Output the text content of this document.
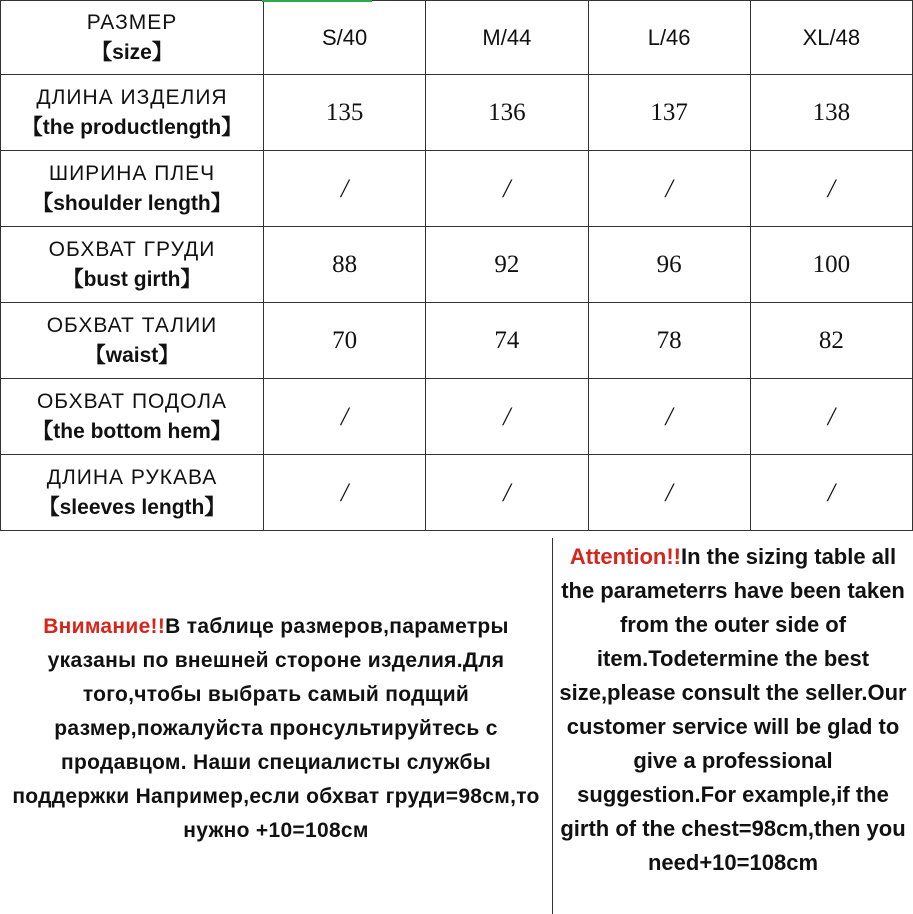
РАЗМЕР
【size】	S/40	M/44	L/46	XL/48

ДЛИНА ИЗДЕЛИЯ
【the productlength】	135	136	137	138

ШИРИНА ПЛЕЧ
【shoulder length】	/	/	/	/

ОБХВАТ ГРУДИ
【bust girth】	88	92	96	100

ОБХВАТ ТАЛИИ
【waist】	70	74	78	82

ОБХВАТ ПОДОЛА
【the bottom hem】	/	/	/	/

ДЛИНА РУКАВА
【sleeves length】	/	/	/	/

Внимание!!В таблице размеров,параметры указаны по внешней стороне изделия.Для того,чтобы выбрать самый подщий размер,пожалуйста пронсультируйтесь с продавцом. Наши специалисты службы поддержки Например,если обхват груди=98см,то нужно +10=108см

Attention!!In the sizing table all the parameterrs have been taken from the outer side of item.Todetermine the best size,please consult the seller.Our customer service will be glad to give a professional suggestion.For example,if the girth of the chest=98cm,then you need+10=108cm
